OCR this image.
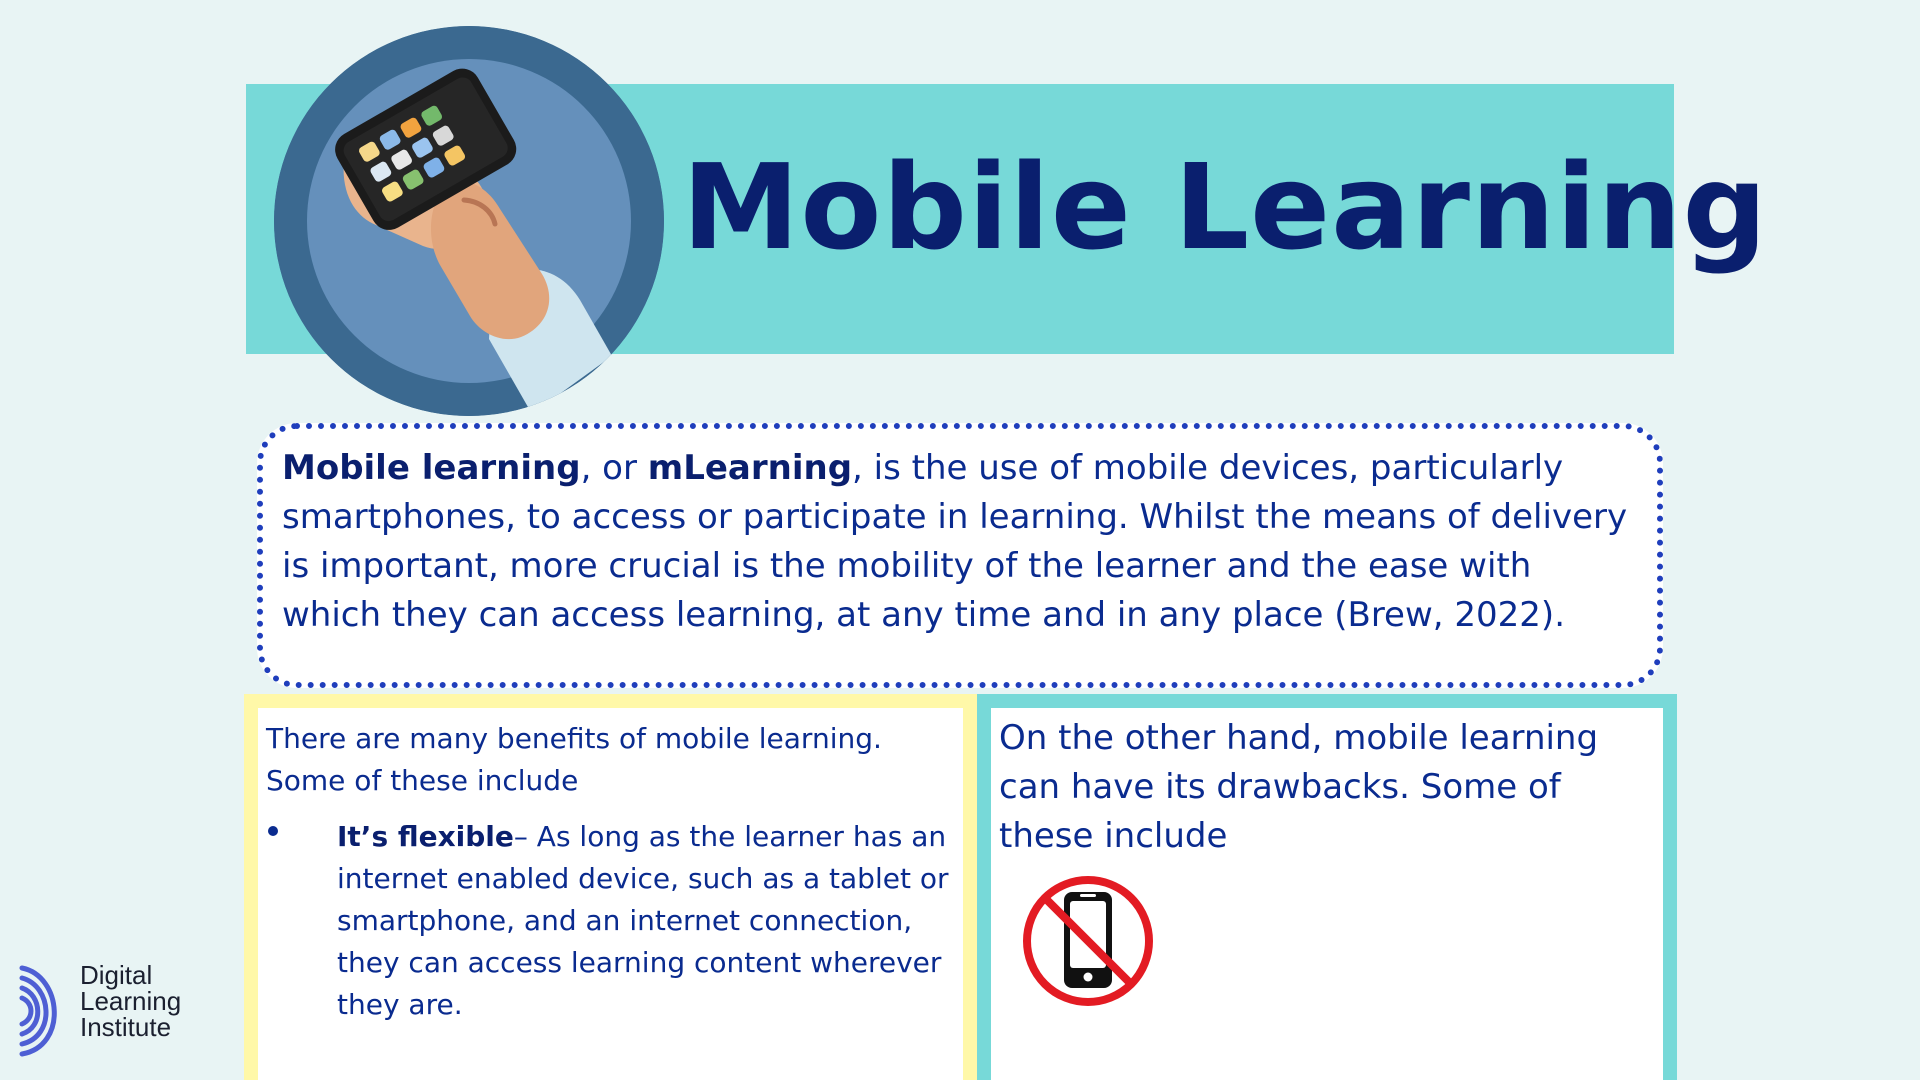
Mobile Learning
Mobile learning, or mLearning, is the use of mobile devices, particularly smartphones, to access or participate in learning. Whilst the means of delivery is important, more crucial is the mobility of the learner and the ease with which they can access learning, at any time and in any place (Brew, 2022).
There are many benefits of mobile learning. Some of these include
It’s flexible– As long as the learner has an internet enabled device, such as a tablet or smartphone, and an internet connection, they can access learning content wherever they are.
On the other hand, mobile learning can have its drawbacks. Some of these include
Digital
Learning
Institute
